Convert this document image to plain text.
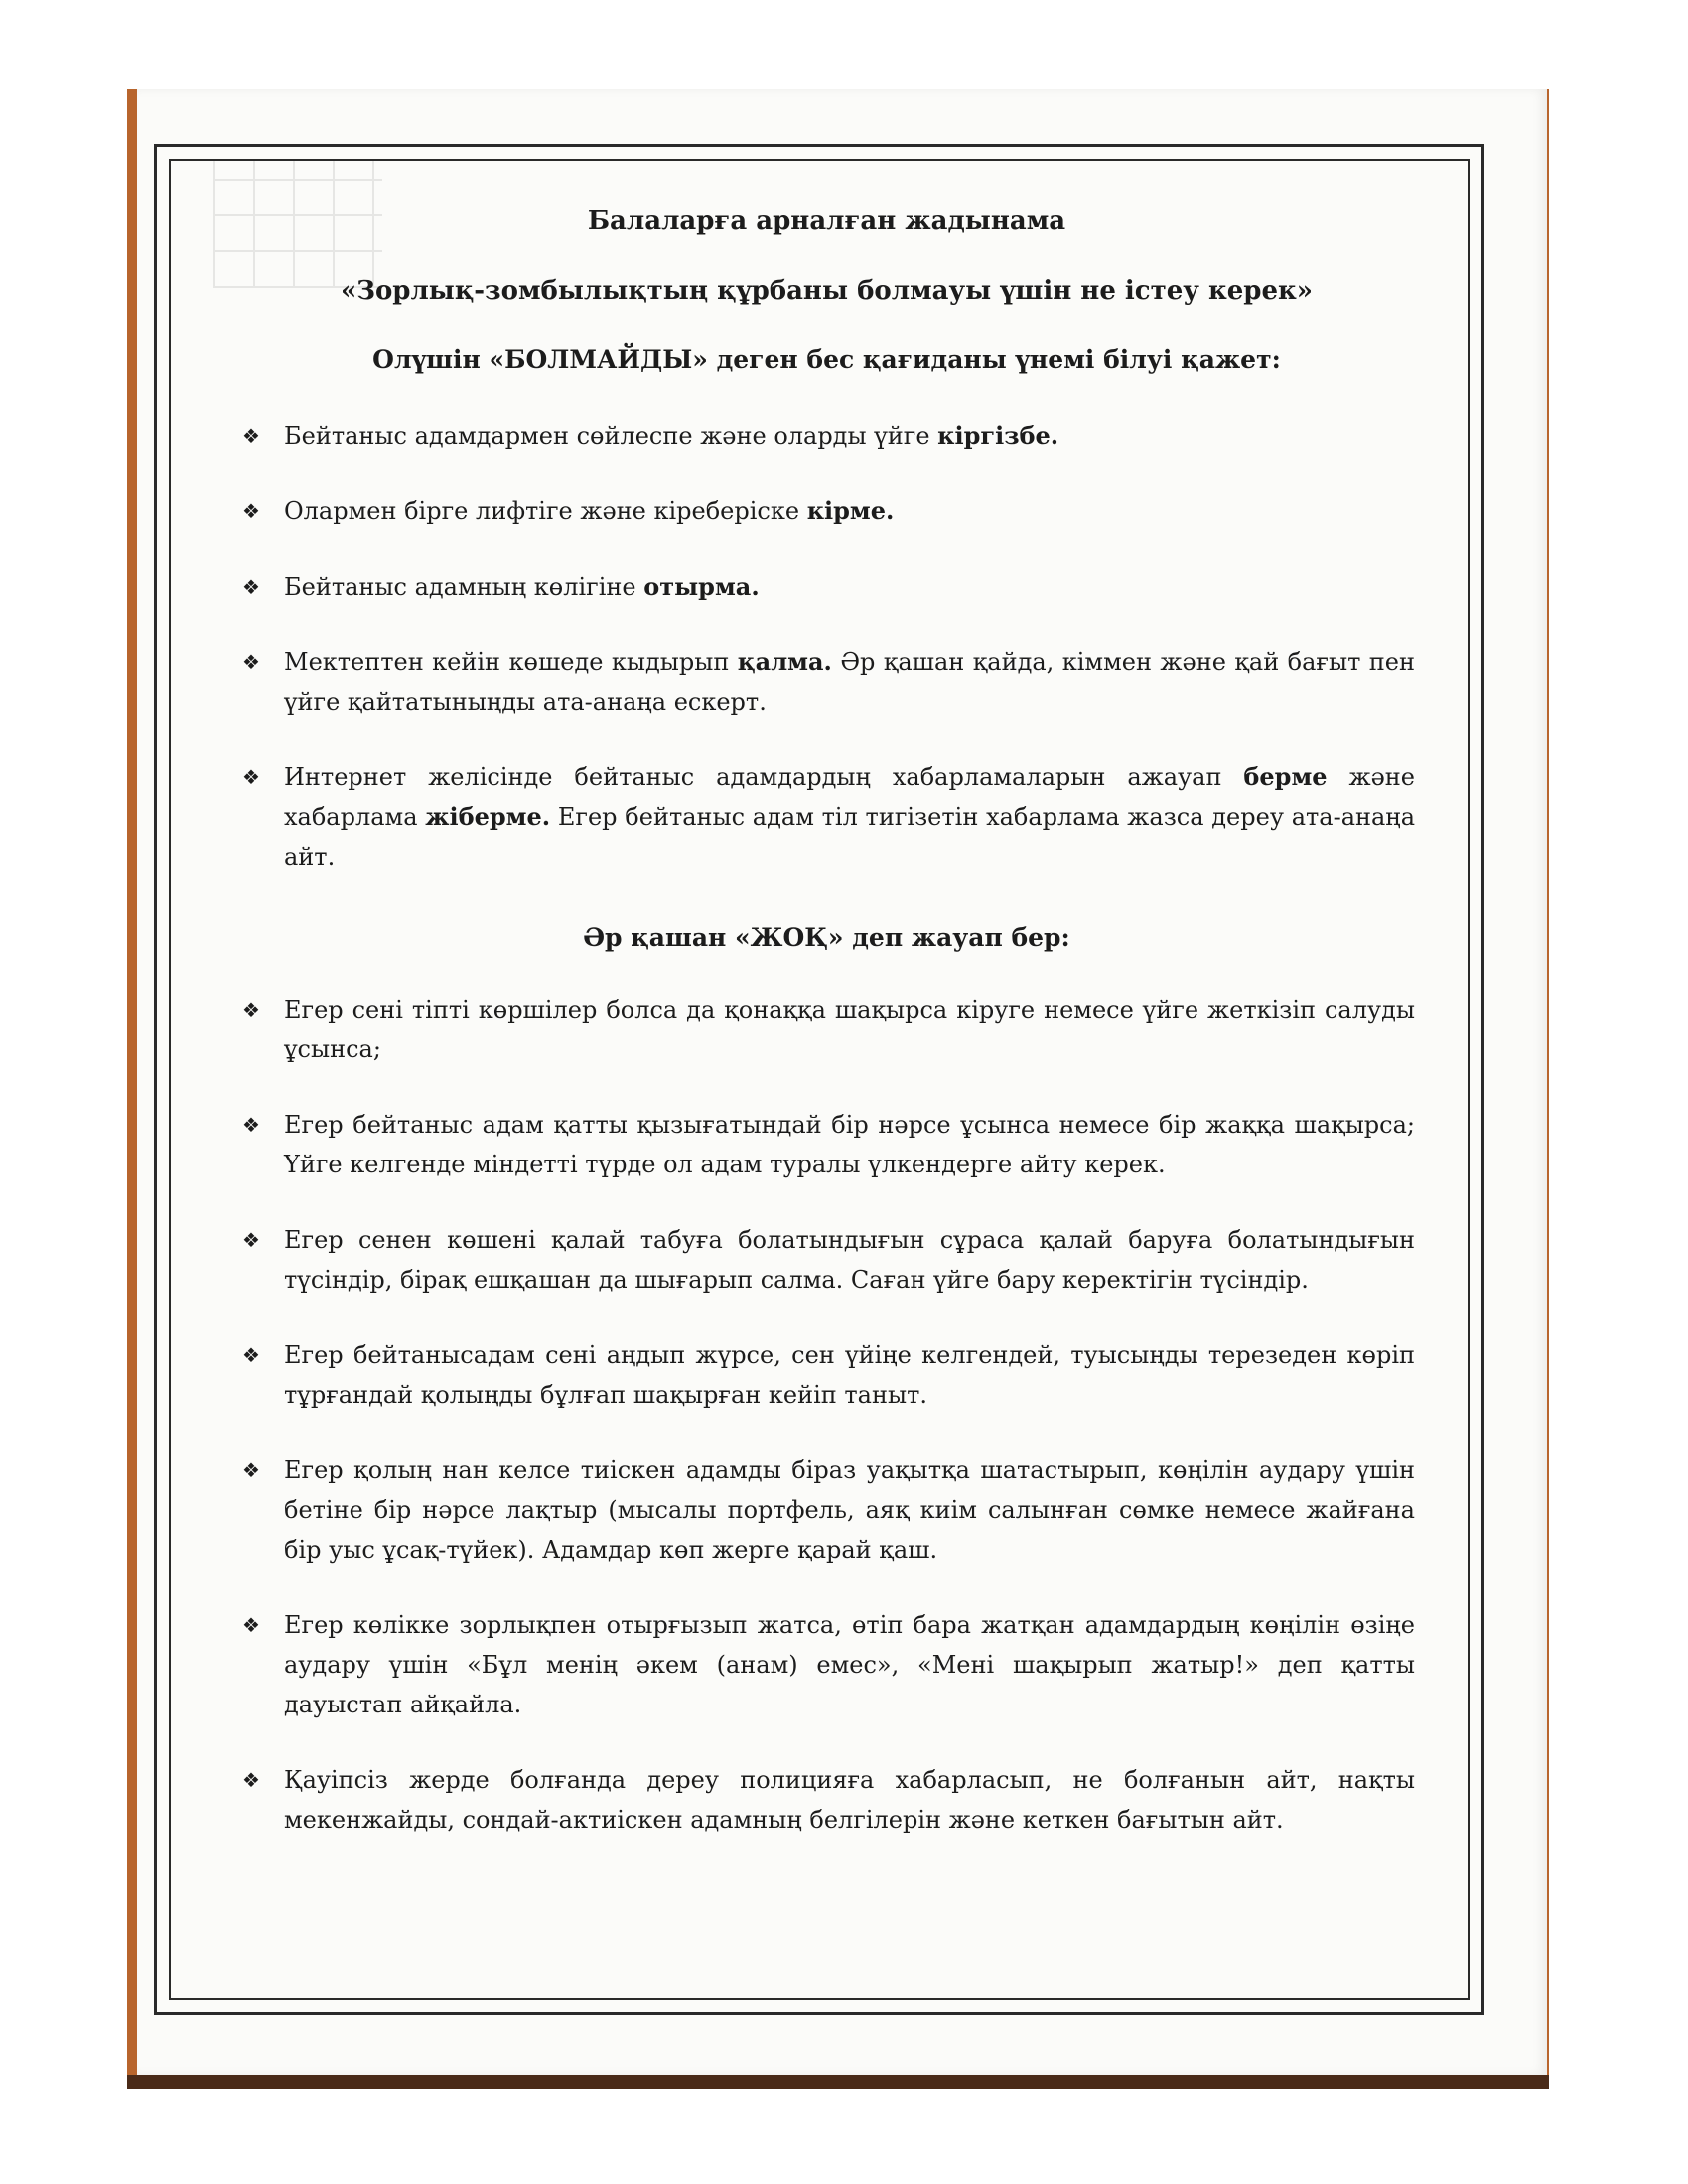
Балаларға арналған жадынама

«Зорлық-зомбылықтың құрбаны болмауы үшін не істеу керек»

Олүшін «БОЛМАЙДЫ» деген бес қағиданы үнемі білуі қажет:

❖ Бейтаныс адамдармен сөйлеспе және оларды үйге кіргізбе.
❖ Олармен бірге лифтіге және кіреберіске кірме.
❖ Бейтаныс адамның көлігіне отырма.
❖ Мектептен кейін көшеде кыдырып қалма. Әр қашан қайда, кіммен және қай бағыт пен үйге қайтатыныңды ата-анаңа ескерт.
❖ Интернет желісінде бейтаныс адамдардың хабарламаларын ажауап берме және хабарлама жіберме. Егер бейтаныс адам тіл тигізетін хабарлама жазса дереу ата-анаңа айт.

Әр қашан «ЖОҚ» деп жауап бер:

❖ Егер сені тіпті көршілер болса да қонаққа шақырса кіруге немесе үйге жеткізіп салуды ұсынса;
❖ Егер бейтаныс адам қатты қызығатындай бір нәрсе ұсынса немесе бір жаққа шақырса; Үйге келгенде міндетті түрде ол адам туралы үлкендерге айту керек.
❖ Егер сенен көшені қалай табуға болатындығын сұраса қалай баруға болатындығын түсіндір, бірақ ешқашан да шығарып салма. Саған үйге бару керектігін түсіндір.
❖ Егер бейтанысадам сені аңдып жүрсе, сен үйіңе келгендей, туысыңды терезеден көріп тұрғандай қолыңды бұлғап шақырған кейіп таныт.
❖ Егер қолың нан келсе тиіскен адамды біраз уақытқа шатастырып, көңілін аудару үшін бетіне бір нәрсе лақтыр (мысалы портфель, аяқ киім салынған сөмке немесе жайғана бір уыс ұсақ-түйек). Адамдар көп жерге қарай қаш.
❖ Егер көлікке зорлықпен отырғызып жатса, өтіп бара жатқан адамдардың көңілін өзіңе аудару үшін «Бұл менің әкем (анам) емес», «Мені шақырып жатыр!» деп қатты дауыстап айқайла.
❖ Қауіпсіз жерде болғанда дереу полицияға хабарласып, не болғанын айт, нақты мекенжайды, сондай-актиіскен адамның белгілерін және кеткен бағытын айт.
